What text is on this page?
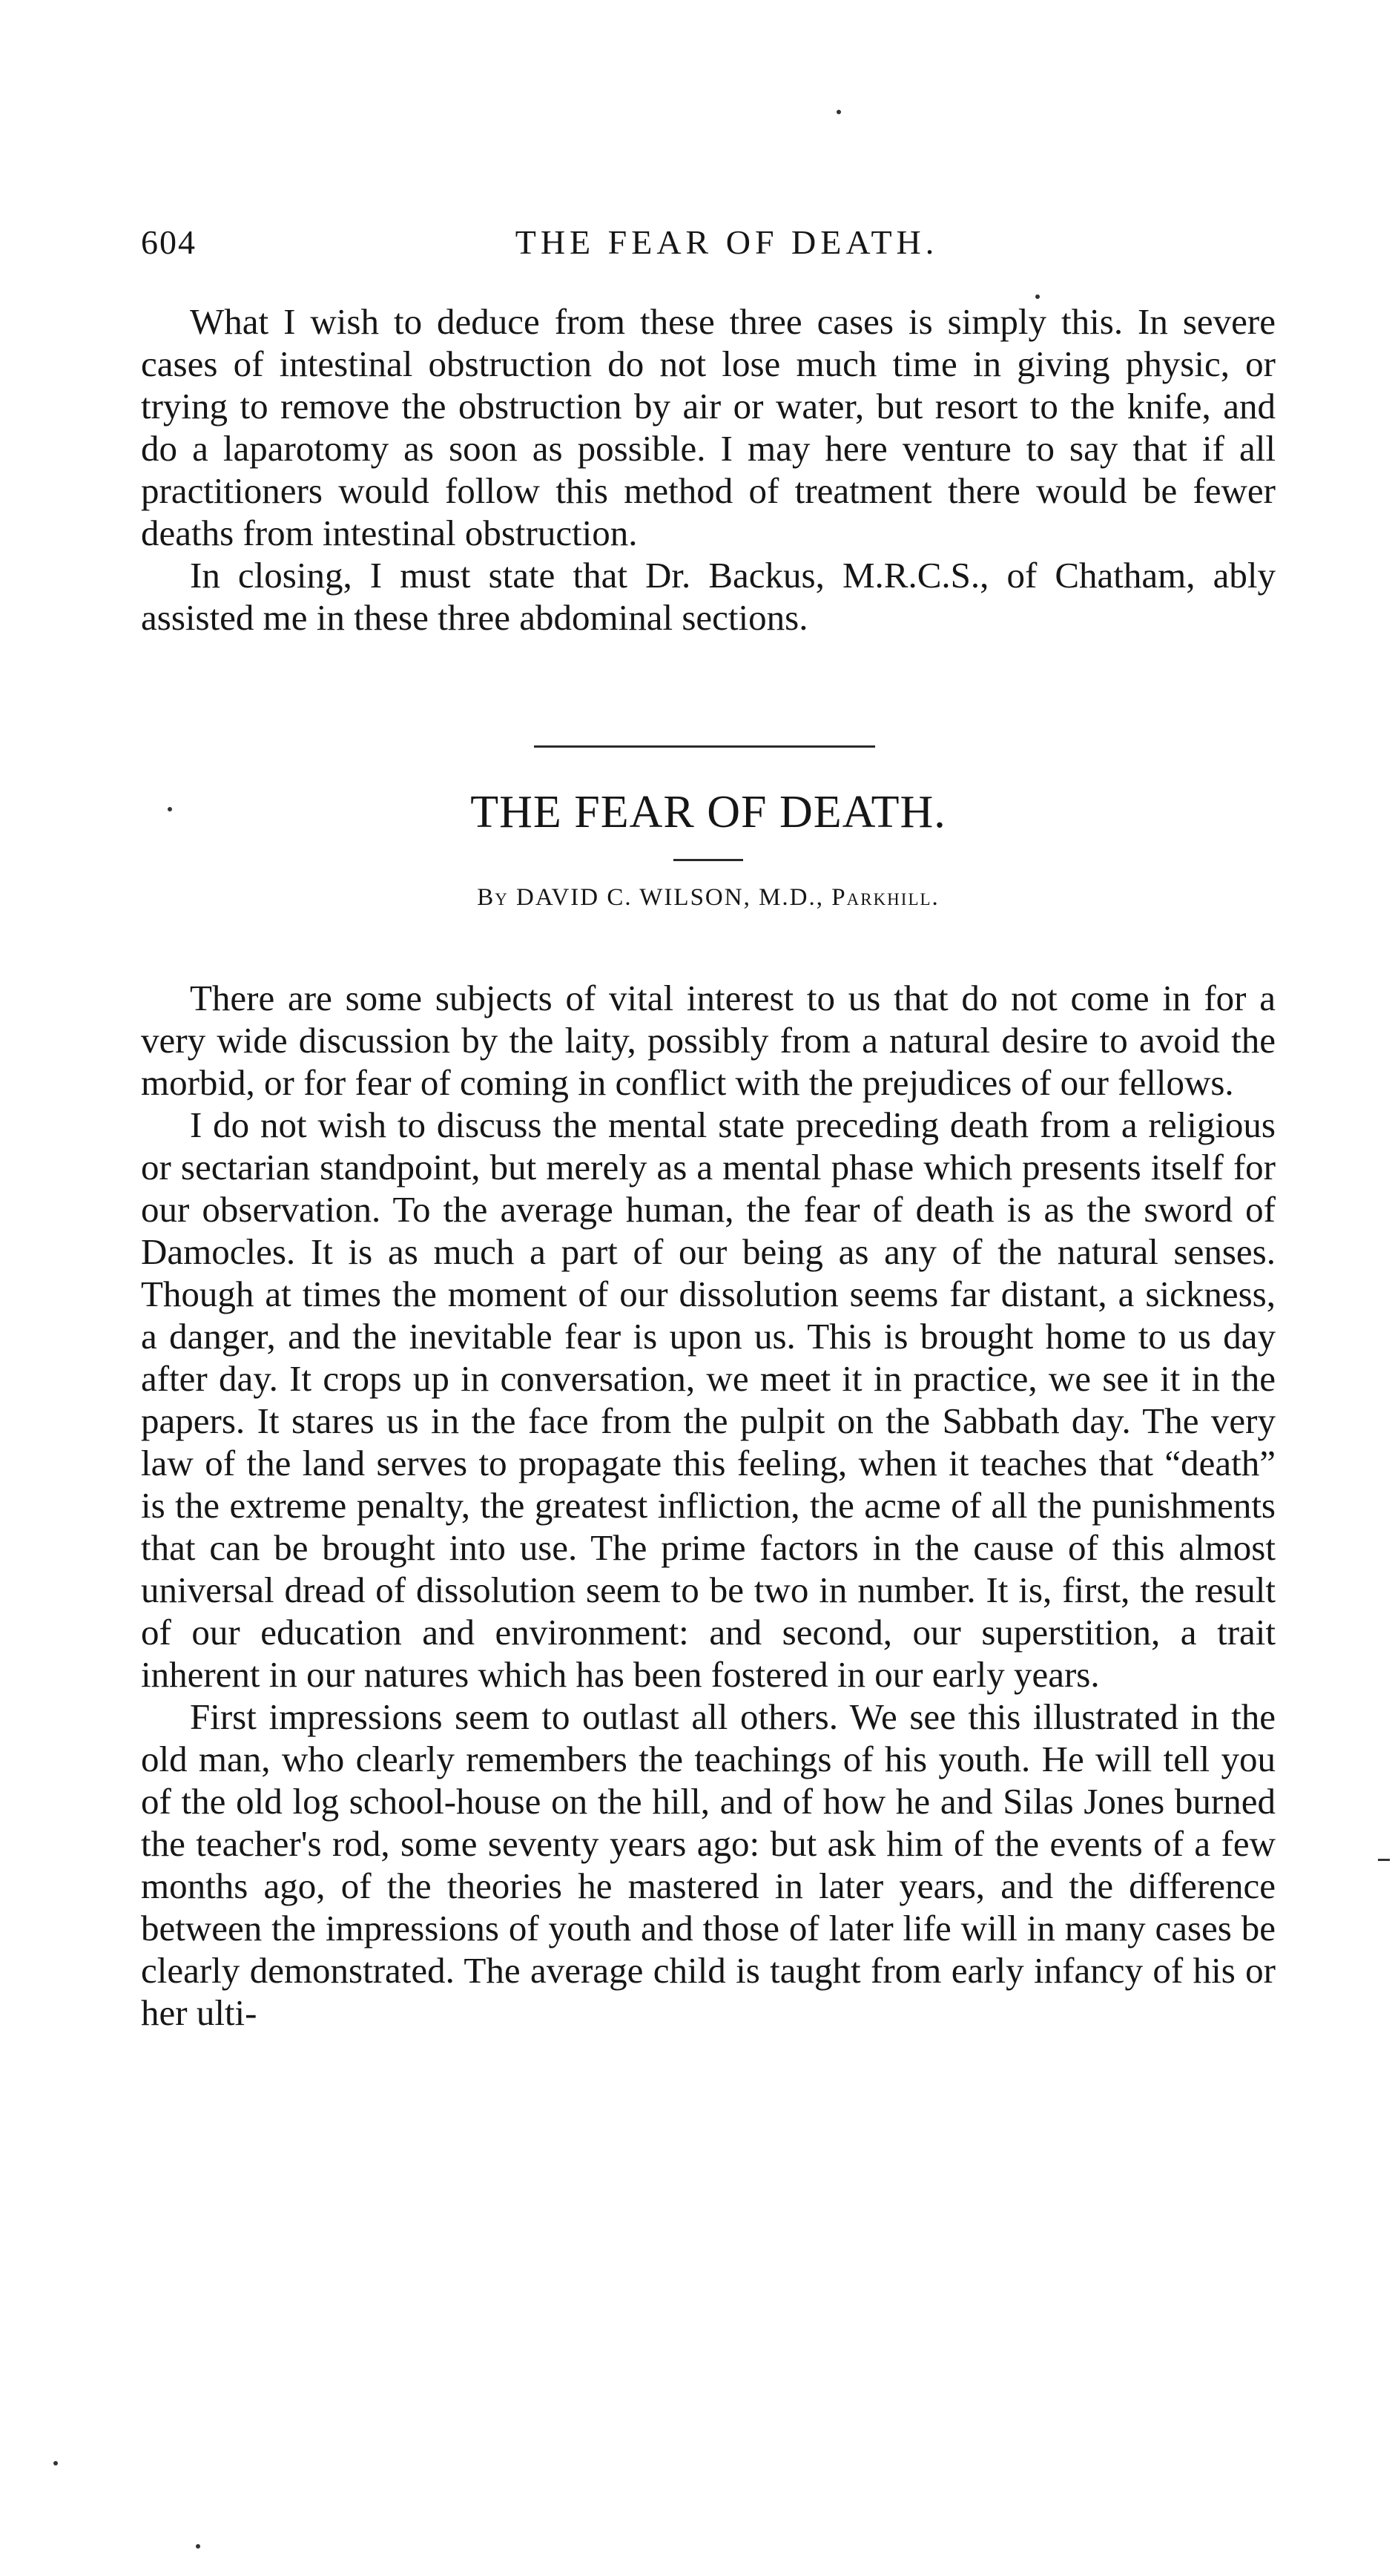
604	THE FEAR OF DEATH.

What I wish to deduce from these three cases is simply this. In severe cases of intestinal obstruction do not lose much time in giving physic, or trying to remove the obstruction by air or water, but resort to the knife, and do a laparotomy as soon as possible. I may here venture to say that if all practitioners would follow this method of treatment there would be fewer deaths from intestinal obstruction.

In closing, I must state that Dr. Backus, M.R.C.S., of Chatham, ably assisted me in these three abdominal sections.

THE FEAR OF DEATH.
By DAVID C. WILSON, M.D., Parkhill.

There are some subjects of vital interest to us that do not come in for a very wide discussion by the laity, possibly from a natural desire to avoid the morbid, or for fear of coming in conflict with the prejudices of our fellows.

I do not wish to discuss the mental state preceding death from a religious or sectarian standpoint, but merely as a mental phase which presents itself for our observation. To the average human, the fear of death is as the sword of Damocles. It is as much a part of our being as any of the natural senses. Though at times the moment of our dissolution seems far distant, a sickness, a danger, and the inevitable fear is upon us. This is brought home to us day after day. It crops up in conversation, we meet it in practice, we see it in the papers. It stares us in the face from the pulpit on the Sabbath day. The very law of the land serves to propagate this feeling, when it teaches that “death” is the extreme penalty, the greatest infliction, the acme of all the punishments that can be brought into use. The prime factors in the cause of this almost universal dread of dissolution seem to be two in number. It is, first, the result of our education and environment: and second, our superstition, a trait inherent in our natures which has been fostered in our early years.

First impressions seem to outlast all others. We see this illustrated in the old man, who clearly remembers the teachings of his youth. He will tell you of the old log school-house on the hill, and of how he and Silas Jones burned the teacher's rod, some seventy years ago: but ask him of the events of a few months ago, of the theories he mastered in later years, and the difference between the impressions of youth and those of later life will in many cases be clearly demonstrated. The average child is taught from early infancy of his or her ulti-
